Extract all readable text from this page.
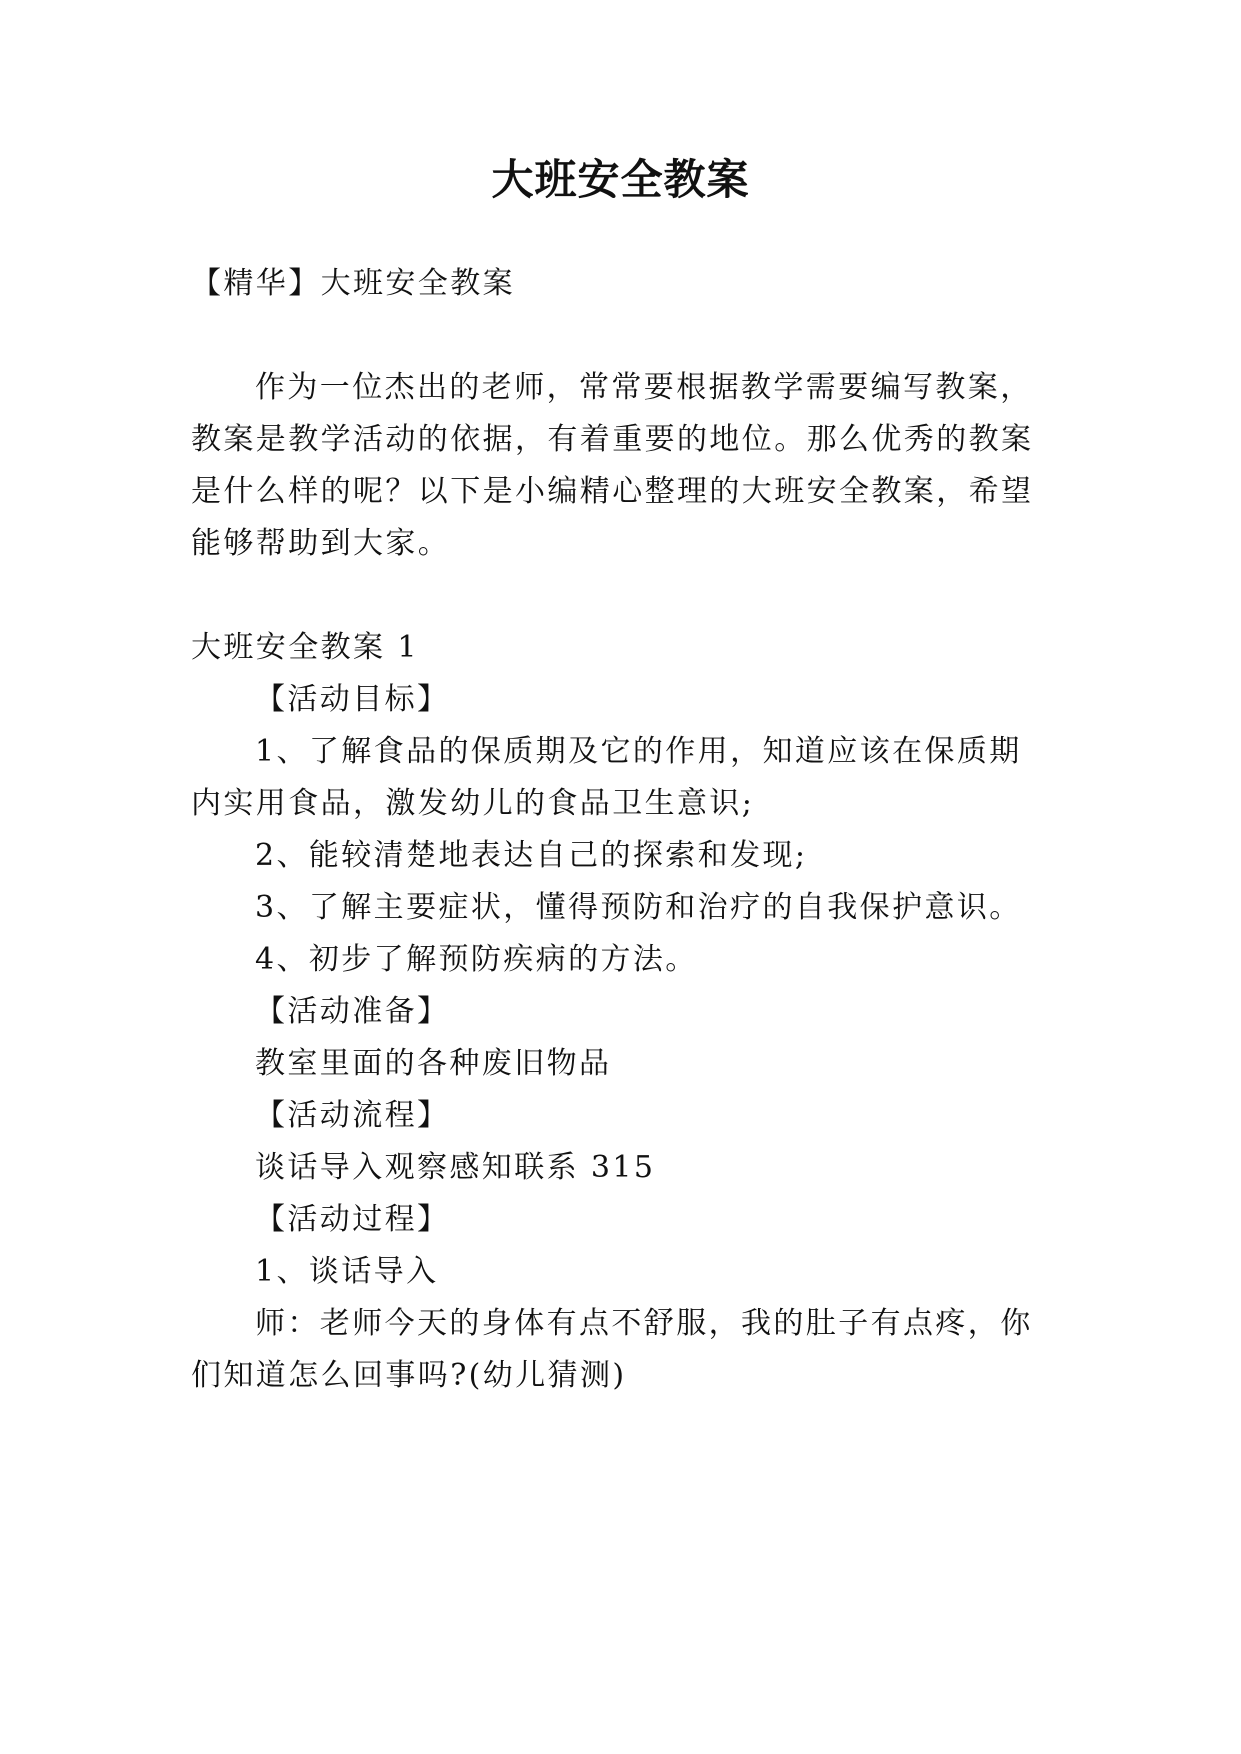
大班安全教案
【精华】大班安全教案
作为一位杰出的老师，常常要根据教学需要编写教案，
教案是教学活动的依据，有着重要的地位。那么优秀的教案
是什么样的呢？以下是小编精心整理的大班安全教案，希望
能够帮助到大家。
大班安全教案 1
【活动目标】
1、了解食品的保质期及它的作用，知道应该在保质期
内实用食品，激发幼儿的食品卫生意识;
2、能较清楚地表达自己的探索和发现;
3、了解主要症状，懂得预防和治疗的自我保护意识。
4、初步了解预防疾病的方法。
【活动准备】
教室里面的各种废旧物品
【活动流程】
谈话导入观察感知联系 315
【活动过程】
1、谈话导入
师：老师今天的身体有点不舒服，我的肚子有点疼，你
们知道怎么回事吗?(幼儿猜测)
